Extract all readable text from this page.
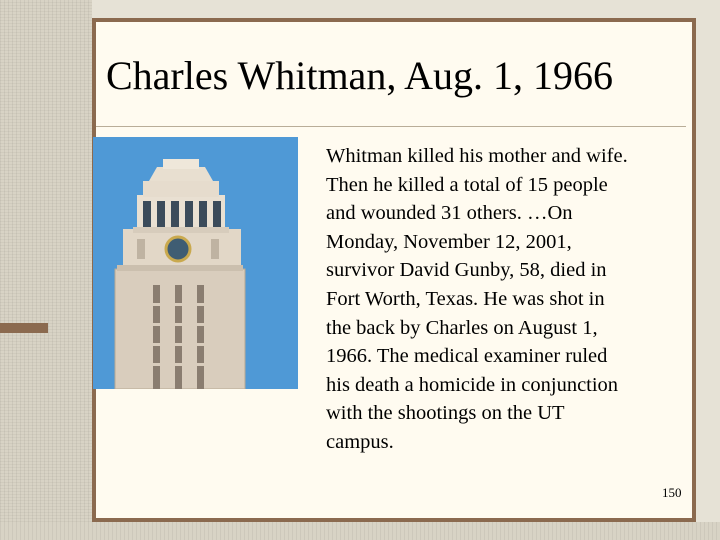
Charles Whitman, Aug. 1, 1966
Whitman killed his mother and wife.
Then he killed a total of 15 people
and wounded 31 others. …On
Monday, November 12, 2001,
survivor David Gunby, 58, died in
Fort Worth, Texas. He was shot in
the back by Charles on August 1,
1966. The medical examiner ruled
his death a homicide in conjunction
with the shootings on the UT
campus.
150
